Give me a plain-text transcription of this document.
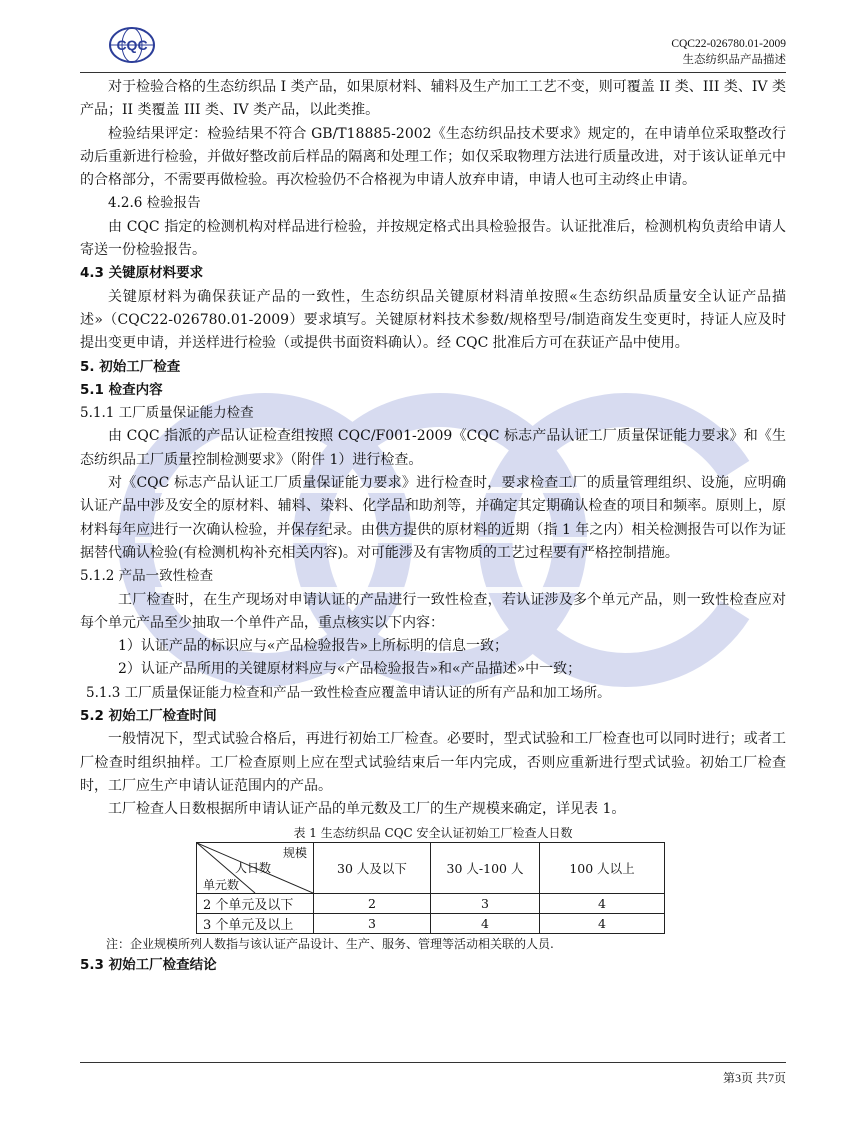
CQC	CQC22-026780.01-2009
生态纺织品产品描述

对于检验合格的生态纺织品 I 类产品，如果原材料、辅料及生产加工工艺不变，则可覆盖 II 类、III 类、IV 类产品；II 类覆盖 III 类、IV 类产品，以此类推。

检验结果评定：检验结果不符合 GB/T18885-2002《生态纺织品技术要求》规定的，在申请单位采取整改行动后重新进行检验，并做好整改前后样品的隔离和处理工作；如仅采取物理方法进行质量改进，对于该认证单元中的合格部分，不需要再做检验。再次检验仍不合格视为申请人放弃申请，申请人也可主动终止申请。

4.2.6 检验报告

由 CQC 指定的检测机构对样品进行检验，并按规定格式出具检验报告。认证批准后，检测机构负责给申请人寄送一份检验报告。

4.3 关键原材料要求

关键原材料为确保获证产品的一致性，生态纺织品关键原材料清单按照«生态纺织品质量安全认证产品描述»（CQC22-026780.01-2009）要求填写。关键原材料技术参数/规格型号/制造商发生变更时，持证人应及时提出变更申请，并送样进行检验（或提供书面资料确认）。经 CQC 批准后方可在获证产品中使用。

5. 初始工厂检查

5.1 检查内容

5.1.1 工厂质量保证能力检查

由 CQC 指派的产品认证检查组按照 CQC/F001-2009《CQC 标志产品认证工厂质量保证能力要求》和《生态纺织品工厂质量控制检测要求》（附件 1）进行检查。

对《CQC 标志产品认证工厂质量保证能力要求》进行检查时，要求检查工厂的质量管理组织、设施，应明确认证产品中涉及安全的原材料、辅料、染料、化学品和助剂等，并确定其定期确认检查的项目和频率。原则上，原材料每年应进行一次确认检验，并保存纪录。由供方提供的原材料的近期（指 1 年之内）相关检测报告可以作为证据替代确认检验(有检测机构补充相关内容)。对可能涉及有害物质的工艺过程要有严格控制措施。

5.1.2 产品一致性检查

工厂检查时，在生产现场对申请认证的产品进行一致性检查，若认证涉及多个单元产品，则一致性检查应对每个单元产品至少抽取一个单件产品，重点核实以下内容：

1）认证产品的标识应与«产品检验报告»上所标明的信息一致；

2）认证产品所用的关键原材料应与«产品检验报告»和«产品描述»中一致；

5.1.3 工厂质量保证能力检查和产品一致性检查应覆盖申请认证的所有产品和加工场所。

5.2 初始工厂检查时间

一般情况下，型式试验合格后，再进行初始工厂检查。必要时，型式试验和工厂检查也可以同时进行；或者工厂检查时组织抽样。工厂检查原则上应在型式试验结束后一年内完成，否则应重新进行型式试验。初始工厂检查时，工厂应生产申请认证范围内的产品。

工厂检查人日数根据所申请认证产品的单元数及工厂的生产规模来确定，详见表 1。

表 1 生态纺织品 CQC 安全认证初始工厂检查人日数
规模
人日数
单元数	30 人及以下	30 人-100 人	100 人以上
2 个单元及以下	2	3	4
3 个单元及以上	3	4	4

注：企业规模所列人数指与该认证产品设计、生产、服务、管理等活动相关联的人员.

5.3 初始工厂检查结论

第3页 共7页
